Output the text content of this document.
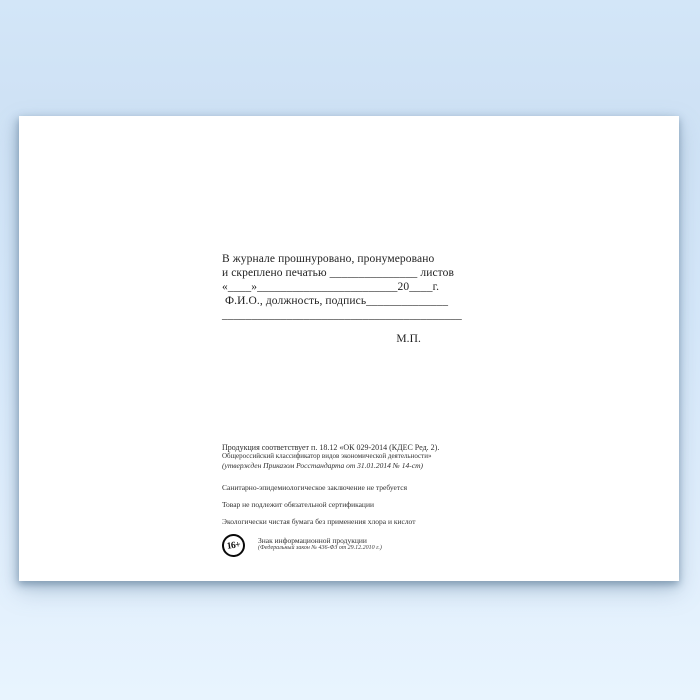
В журнале прошнуровано, пронумеровано
и скреплено печатью _______________ листов
«____»________________________20____г.
Ф.И.О., должность, подпись______________
_________________________________________
М.П.
Продукция соответствует п. 18.12 «ОК 029-2014 (КДЕС Ред. 2).
Общероссийский классификатор видов экономической деятельности»
(утвержден Приказом Росстандарта от 31.01.2014 № 14-ст)
Санитарно-эпидемиологическое заключение не требуется
Товар не подлежит обязательной сертификации
Экологически чистая бумага без применения хлора и кислот
16+	Знак информационной продукции
(Федеральный закон № 436-ФЗ от 29.12.2010 г.)
